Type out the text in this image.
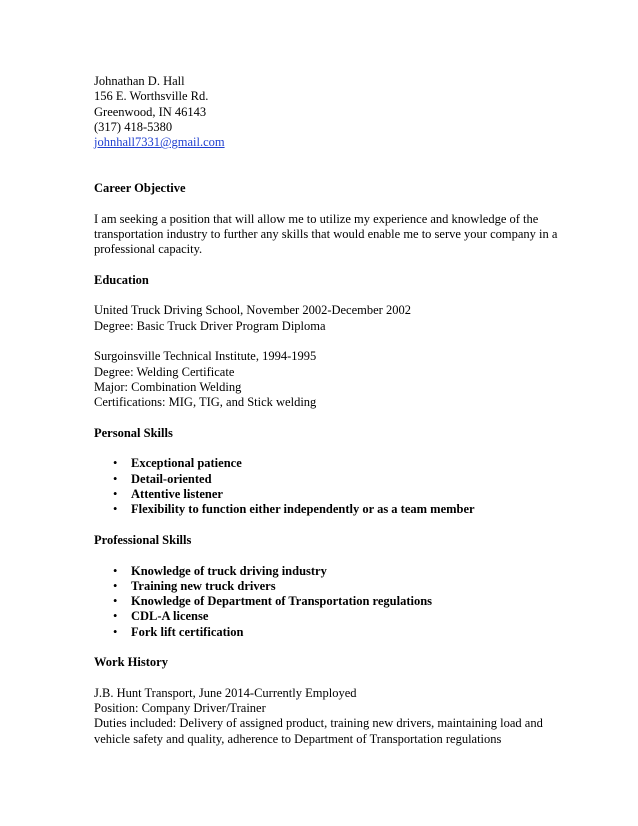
Johnathan D. Hall
156 E. Worthsville Rd.
Greenwood, IN 46143
(317) 418-5380
johnhall7331@gmail.com
Career Objective
I am seeking a position that will allow me to utilize my experience and knowledge of the transportation industry to further any skills that would enable me to serve your company in a professional capacity.
Education
United Truck Driving School, November 2002-December 2002
Degree: Basic Truck Driver Program Diploma
Surgoinsville Technical Institute, 1994-1995
Degree: Welding Certificate
Major: Combination Welding
Certifications: MIG, TIG, and Stick welding
Personal Skills
• Exceptional patience
• Detail-oriented
• Attentive listener
• Flexibility to function either independently or as a team member
Professional Skills
• Knowledge of truck driving industry
• Training new truck drivers
• Knowledge of Department of Transportation regulations
• CDL-A license
• Fork lift certification
Work History
J.B. Hunt Transport, June 2014-Currently Employed
Position: Company Driver/Trainer
Duties included: Delivery of assigned product, training new drivers, maintaining load and vehicle safety and quality, adherence to Department of Transportation regulations
